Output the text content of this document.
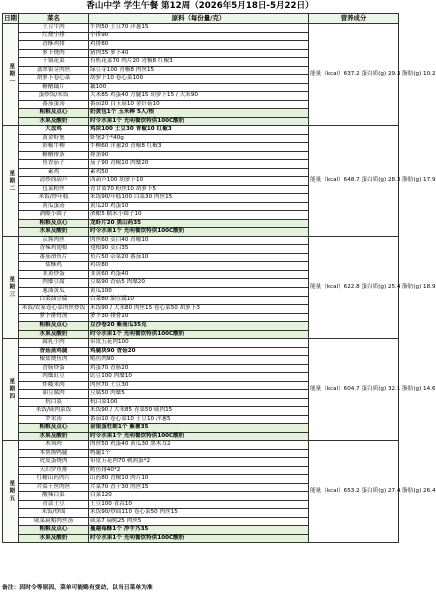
香山中学 学生午餐 第12周（2026年5月18日-5月22日）
日期	菜名	原料（每份量/克）	营养成分
星期一	土豆牛肉	牛肉50 土豆70 洋葱15	能量（kcal）637.2 蛋白质(g) 29.3 脂肪(g) 10.2
	红烧小排	小排90	
	香酥鸡排	鸡排80	
	萝卜烧肉	猪肉35 萝卜40	
	干锅花菜	有机花菜70 肉片20 青椒8 红椒3	
	翡翠银芽肉丝	绿豆芽100 青椒8 肉丝15	
	胡萝卜卷心菜	胡萝卜10 卷心菜100	
	糖醋藕片	藕100	
	蛋炒饭/米饭	大米85 鸡蛋40 方腿15 胡萝卜15 / 大米90	
	番茄蛋汤	番茄20 白玉菇10 金针菇10	
	粗粮及点心	奶黄包1个 玉米棒 5人/根	
	水果及酸奶	时令水果1个 光明餐饮特供100C酸奶	
星期二	大盘鸡	鸡块100 土豆30 青椒10 红椒3	能量（kcal）648.7 蛋白质(g) 28.3 脂肪(g) 17.9
	黄金虾堡	虾堡2个*40g	
	彩椒牛柳	牛柳60 洋葱20 青椒8 红椒3	
	糖醋排条	排条90	
	鱼香茄子	茄子90 青椒10 肉糜20	
	素鸡	素鸡50	
	清炒西葫芦	西葫芦100 胡萝卜10	
	包菜粉丝	青甘蓝70 粉丝10 胡萝卜5	
	米饭/炒年糕	米饭90/年糕100 白菜30 肉丝15	
	黄瓜蛋汤	黄瓜20 鸡蛋10	
	酒酿小圆子	酒酿5 糯米小圆子10	
	粗粮及点心	龙虾片20 黑山药35	
	水果及酸奶	时令水果1个 光明餐饮特供100C酸奶	
星期三	京酱肉丝	肉丝60 茭白40 青椒10	能量（kcal）622.8 蛋白质(g) 25.4 脂肪(g) 18.9
	香辣鸡翅根	翅根90 茭白35	
	番茄滑鱼片	鱼片50 杂菜20 番茄10	
	盐酥鸡	鸡块80	
	韭黄炒蛋	韭黄60 鸡蛋40	
	肉糜豆腐	豆腐90 香菇5 肉糜20	
	葱油黄瓜	黄瓜100	
	白菜油豆腐	白菜80 油豆腐10	
	米饭/农家卷心菜肉丝炒饭	米饭90 / 大米80 肉丝15 卷心菜50 胡萝卜3	
	萝卜排骨汤	萝卜30 排骨10	
	粗粮及点心	豆沙卷20 紫南瓜35克	
	水果及酸奶	时令水果1个 光明餐饮特供100C酸奶	
星期四	腐乳小肉	带皮五花肉100	能量（kcal）604.7 蛋白质(g) 32.1 脂肪(g) 14.6
	香菇蒸鸡腿	鸡腿块90 香菇20	
	椒盐烧鱼肉	鲳鱼肉90	
	香肠炒蛋	鸡蛋70 香肠20	
	肉糜豇豆	豇豆100 肉糜10	
	炸糯米肉	肉丝70 土豆30	
	油豆腐肉	豆腐50 肉糜5	
	杭白菜	杭白菜100	
	米饭/咸肉菜饭	米饭90 / 大米85 青菜50 咸肉15	
	罗宋汤	番茄10 卷心菜10 土豆10 洋葱5	
	粗粮及点心	金银蛋牡蛎1个 紫薯35	
	水果及酸奶	时令水果1个 光明餐饮特供100C酸奶	
星期五	木须肉	肉丝50 鸡蛋40 黄瓜30 黑木耳2	能量（kcal）653.2 蛋白质(g) 27.4 脂肪(g) 26.4
	本帮酱鸭腿	鸭腿1个	
	虎皮蛋烧肉	带皮五花肉70 鹌鹑蛋*2	
	天妇罗鱼排	鳕鱼排40*2	
	红糖山药肉片	山药80 青椒10 肉片10	
	芹菜干丝肉丝	芹菜70 香干30 肉丝15	
	酸辣白菜	白菜120	
	青蒜土豆	土豆100 青蒜10	
	米饭/炒面	米饭90/炒面110 卷心菜50 肉丝15	
	咸菜扁鲳肉丝汤	咸菜7 扁鲳25 肉丝5	
	粗粮及点心	蔓越莓酥1个 净芋艿35	
	水果及酸奶	时令水果1个 光明餐饮特供100C酸奶	
备注：因时令等原因，菜单可能略有变动，以当日菜单为准
